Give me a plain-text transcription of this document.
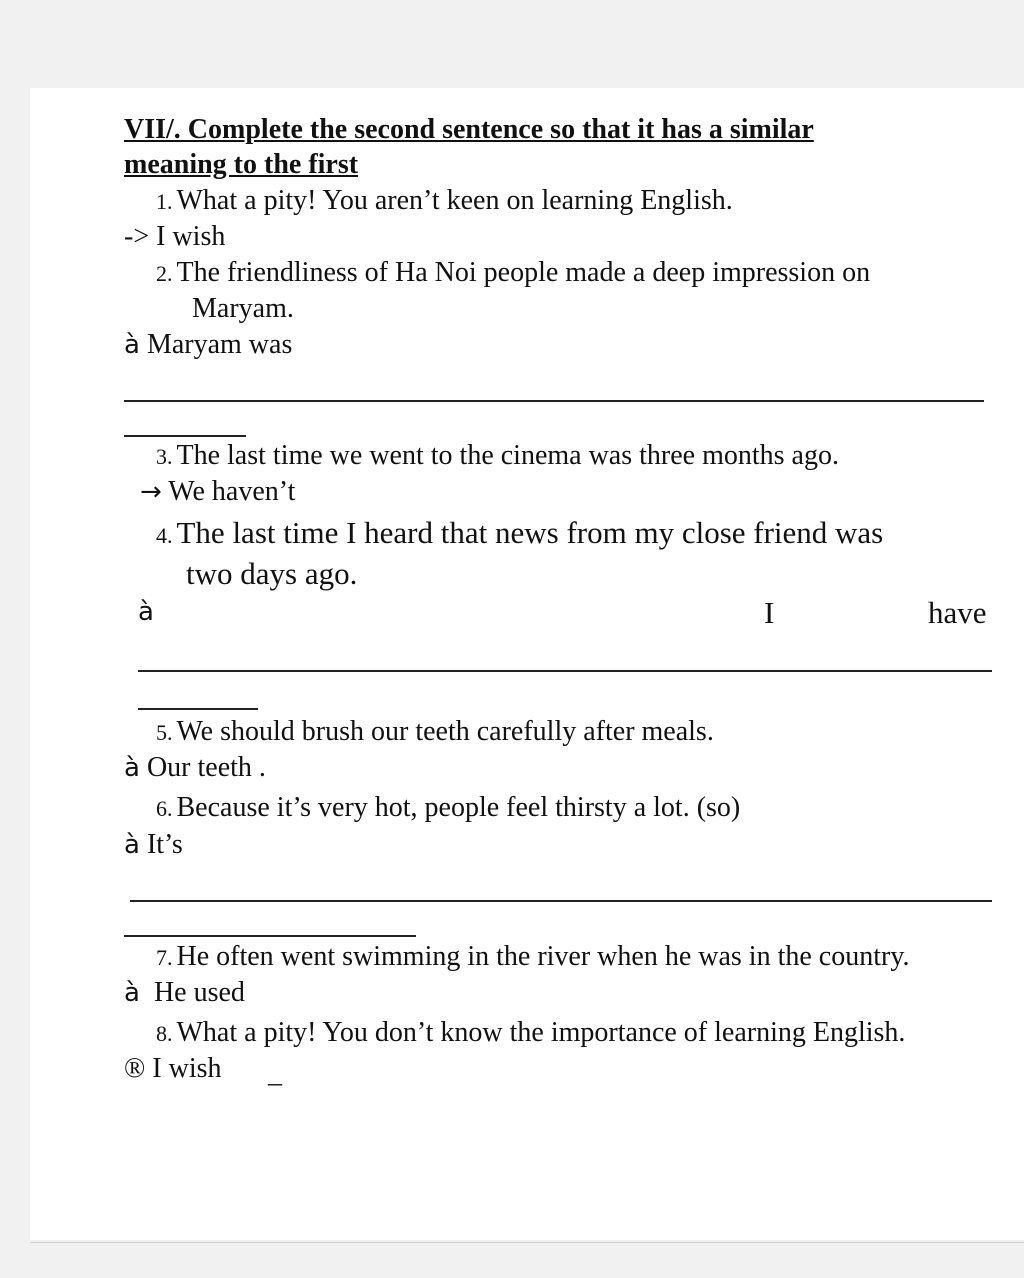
VII/. Complete the second sentence so that it has a similar
meaning to the first
1. What a pity! You aren’t keen on learning English.
-> I wish
2. The friendliness of Ha Noi people made a deep impression on
Maryam.
à Maryam was
3. The last time we went to the cinema was three months ago.
→ We haven’t
4. The last time I heard that news from my close friend was
two days ago.
à	I	have
5. We should brush our teeth carefully after meals.
à Our teeth .
6. Because it’s very hot, people feel thirsty a lot. (so)
à It’s
7. He often went swimming in the river when he was in the country.
à He used
8. What a pity! You don’t know the importance of learning English.
® I wish _
